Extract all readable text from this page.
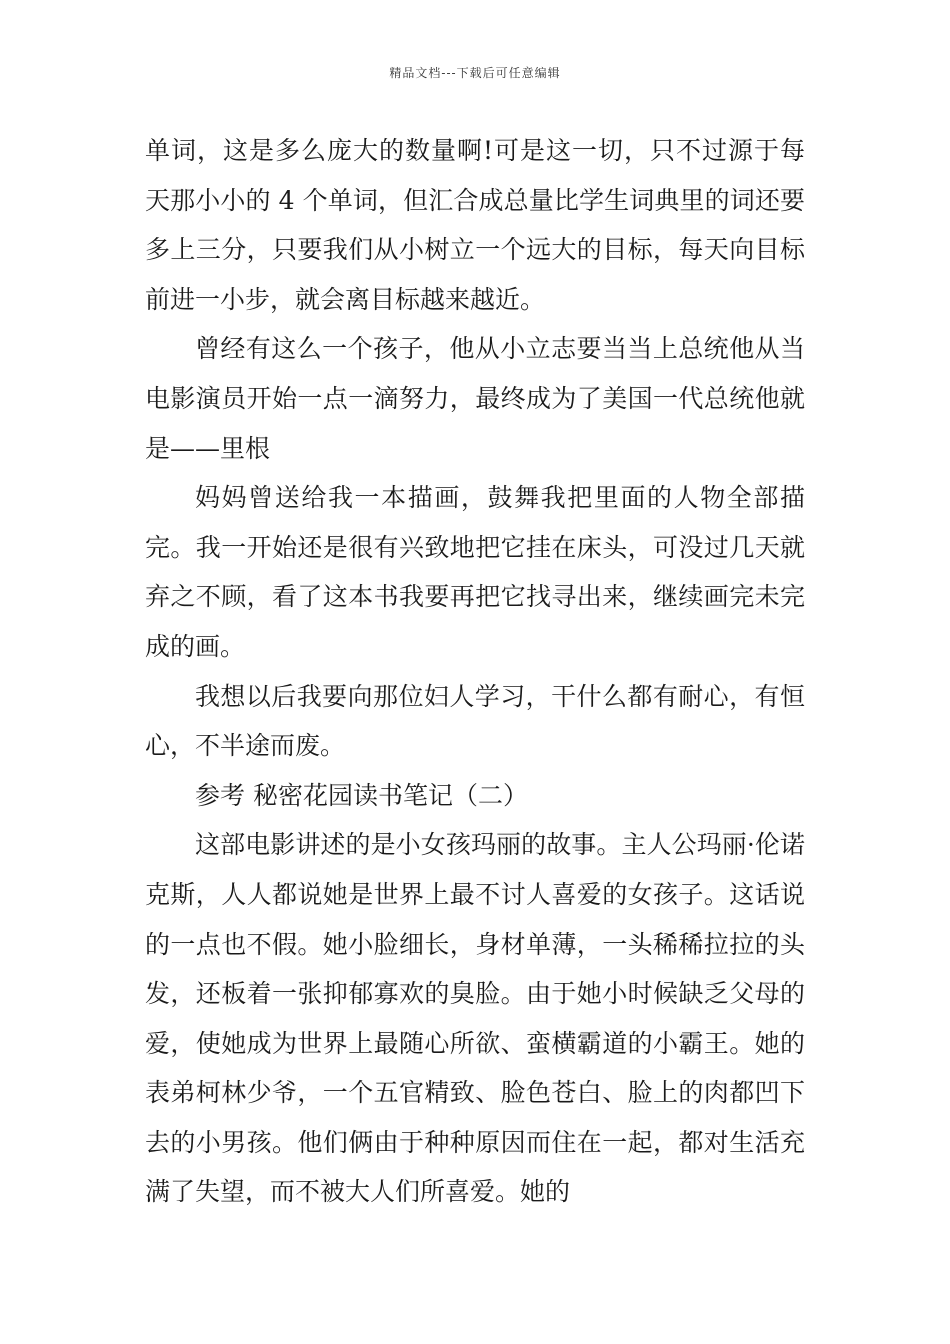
精品文档---下载后可任意编辑

单词，这是多么庞大的数量啊!可是这一切，只不过源于每天那小小的 4 个单词，但汇合成总量比学生词典里的词还要多上三分，只要我们从小树立一个远大的目标，每天向目标前进一小步，就会离目标越来越近。

曾经有这么一个孩子，他从小立志要当当上总统他从当电影演员开始一点一滴努力，最终成为了美国一代总统他就是——里根

妈妈曾送给我一本描画，鼓舞我把里面的人物全部描完。我一开始还是很有兴致地把它挂在床头，可没过几天就弃之不顾，看了这本书我要再把它找寻出来，继续画完未完成的画。

我想以后我要向那位妇人学习，干什么都有耐心，有恒心，不半途而废。

参考 秘密花园读书笔记（二）

这部电影讲述的是小女孩玛丽的故事。主人公玛丽·伦诺克斯，人人都说她是世界上最不讨人喜爱的女孩子。这话说的一点也不假。她小脸细长，身材单薄，一头稀稀拉拉的头发，还板着一张抑郁寡欢的臭脸。由于她小时候缺乏父母的爱，使她成为世界上最随心所欲、蛮横霸道的小霸王。她的表弟柯林少爷，一个五官精致、脸色苍白、脸上的肉都凹下去的小男孩。他们俩由于种种原因而住在一起，都对生活充满了失望，而不被大人们所喜爱。她的
